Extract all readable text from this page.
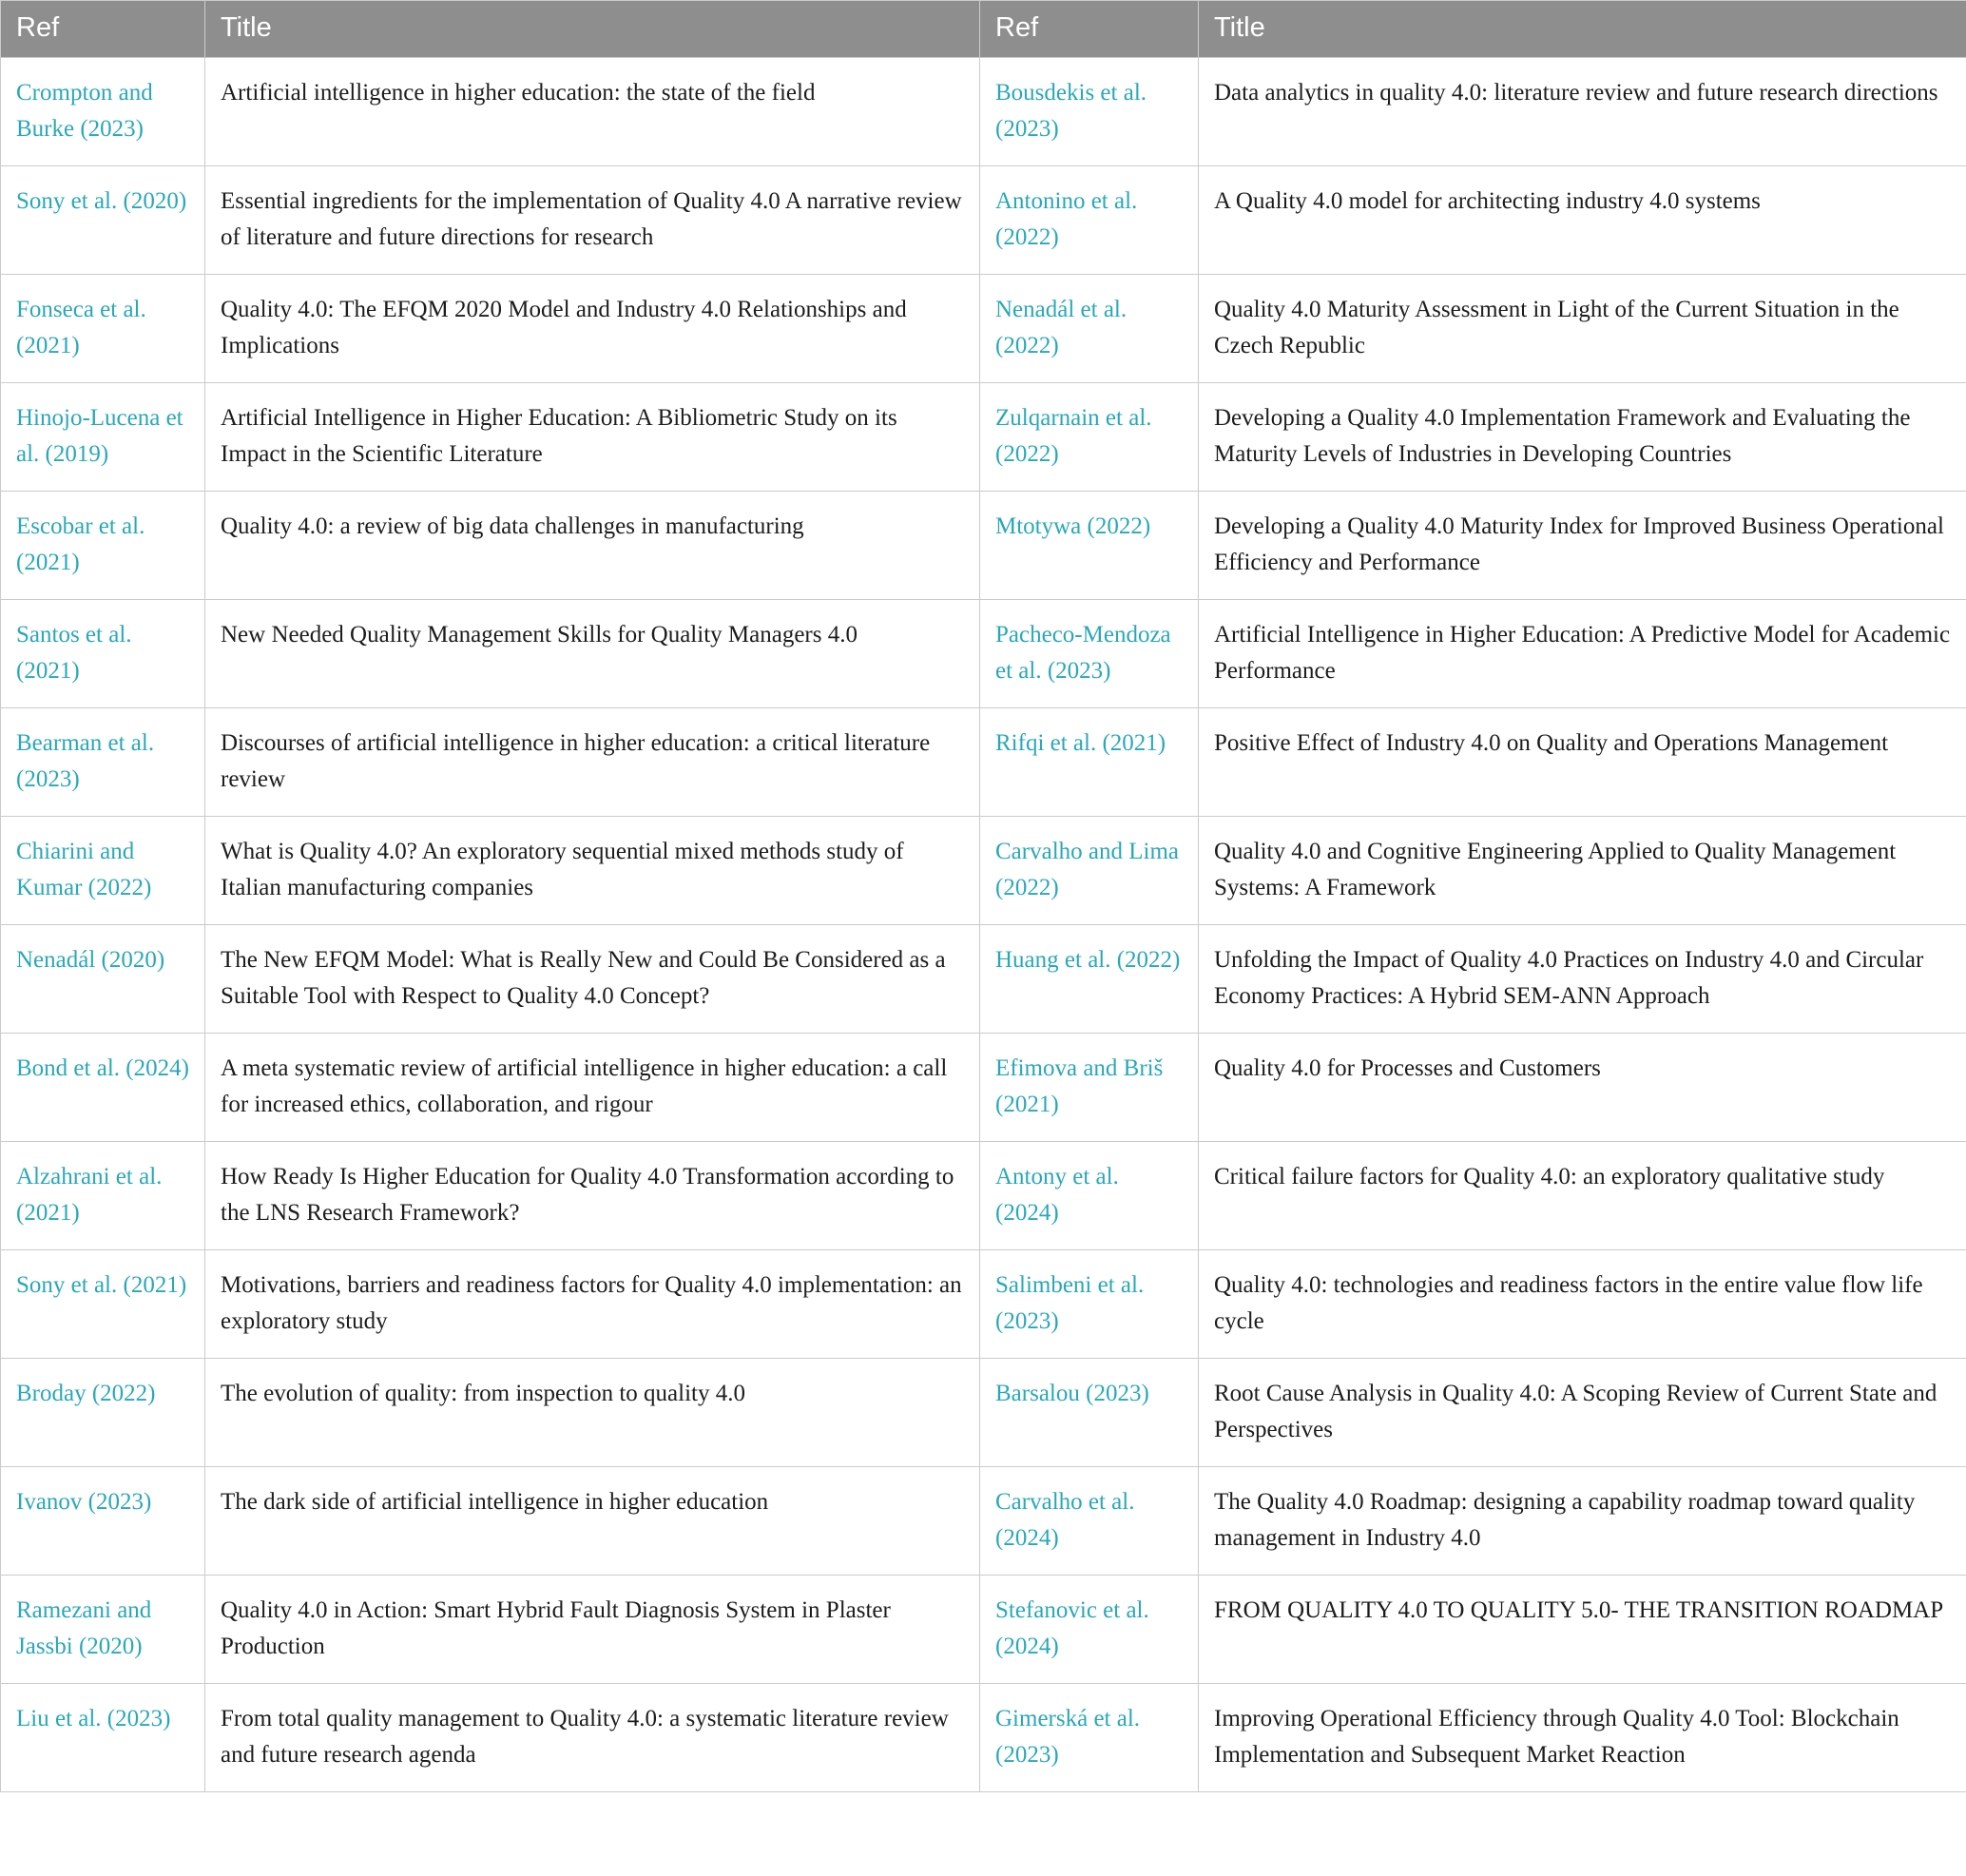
Ref	Title	Ref	Title
Crompton and Burke (2023)	Artificial intelligence in higher education: the state of the field	Bousdekis et al. (2023)	Data analytics in quality 4.0: literature review and future research directions
Sony et al. (2020)	Essential ingredients for the implementation of Quality 4.0 A narrative review of literature and future directions for research	Antonino et al. (2022)	A Quality 4.0 model for architecting industry 4.0 systems
Fonseca et al. (2021)	Quality 4.0: The EFQM 2020 Model and Industry 4.0 Relationships and Implications	Nenadál et al. (2022)	Quality 4.0 Maturity Assessment in Light of the Current Situation in the Czech Republic
Hinojo-Lucena et al. (2019)	Artificial Intelligence in Higher Education: A Bibliometric Study on its Impact in the Scientific Literature	Zulqarnain et al. (2022)	Developing a Quality 4.0 Implementation Framework and Evaluating the Maturity Levels of Industries in Developing Countries
Escobar et al. (2021)	Quality 4.0: a review of big data challenges in manufacturing	Mtotywa (2022)	Developing a Quality 4.0 Maturity Index for Improved Business Operational Efficiency and Performance
Santos et al. (2021)	New Needed Quality Management Skills for Quality Managers 4.0	Pacheco-Mendoza et al. (2023)	Artificial Intelligence in Higher Education: A Predictive Model for Academic Performance
Bearman et al. (2023)	Discourses of artificial intelligence in higher education: a critical literature review	Rifqi et al. (2021)	Positive Effect of Industry 4.0 on Quality and Operations Management
Chiarini and Kumar (2022)	What is Quality 4.0? An exploratory sequential mixed methods study of Italian manufacturing companies	Carvalho and Lima (2022)	Quality 4.0 and Cognitive Engineering Applied to Quality Management Systems: A Framework
Nenadál (2020)	The New EFQM Model: What is Really New and Could Be Considered as a Suitable Tool with Respect to Quality 4.0 Concept?	Huang et al. (2022)	Unfolding the Impact of Quality 4.0 Practices on Industry 4.0 and Circular Economy Practices: A Hybrid SEM-ANN Approach
Bond et al. (2024)	A meta systematic review of artificial intelligence in higher education: a call for increased ethics, collaboration, and rigour	Efimova and Briš (2021)	Quality 4.0 for Processes and Customers
Alzahrani et al. (2021)	How Ready Is Higher Education for Quality 4.0 Transformation according to the LNS Research Framework?	Antony et al. (2024)	Critical failure factors for Quality 4.0: an exploratory qualitative study
Sony et al. (2021)	Motivations, barriers and readiness factors for Quality 4.0 implementation: an exploratory study	Salimbeni et al. (2023)	Quality 4.0: technologies and readiness factors in the entire value flow life cycle
Broday (2022)	The evolution of quality: from inspection to quality 4.0	Barsalou (2023)	Root Cause Analysis in Quality 4.0: A Scoping Review of Current State and Perspectives
Ivanov (2023)	The dark side of artificial intelligence in higher education	Carvalho et al. (2024)	The Quality 4.0 Roadmap: designing a capability roadmap toward quality management in Industry 4.0
Ramezani and Jassbi (2020)	Quality 4.0 in Action: Smart Hybrid Fault Diagnosis System in Plaster Production	Stefanovic et al. (2024)	FROM QUALITY 4.0 TO QUALITY 5.0- THE TRANSITION ROADMAP
Liu et al. (2023)	From total quality management to Quality 4.0: a systematic literature review and future research agenda	Gimerská et al. (2023)	Improving Operational Efficiency through Quality 4.0 Tool: Blockchain Implementation and Subsequent Market Reaction
